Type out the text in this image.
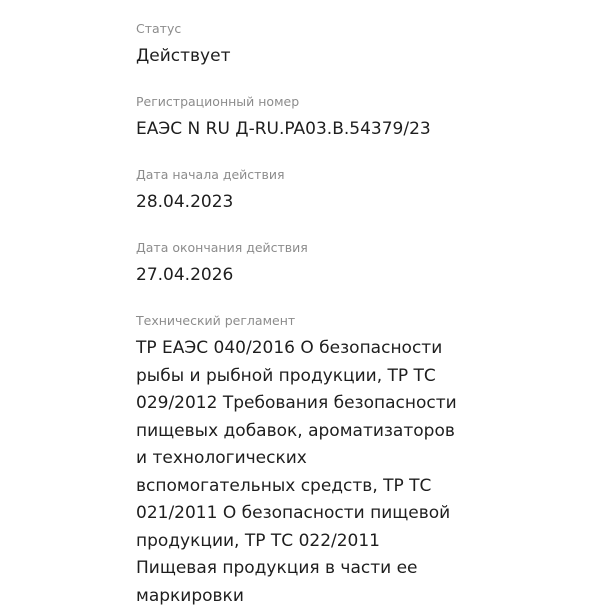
Статус
Действует
Регистрационный номер
ЕАЭС N RU Д-RU.PA03.B.54379/23
Дата начала действия
28.04.2023
Дата окончания действия
27.04.2026
Технический регламент
ТР ЕАЭС 040/2016 О безопасности рыбы и рыбной продукции, ТР ТС 029/2012 Требования безопасности пищевых добавок, ароматизаторов и технологических вспомогательных средств, ТР ТС 021/2011 О безопасности пищевой продукции, ТР ТС 022/2011 Пищевая продукция в части ее маркировки
